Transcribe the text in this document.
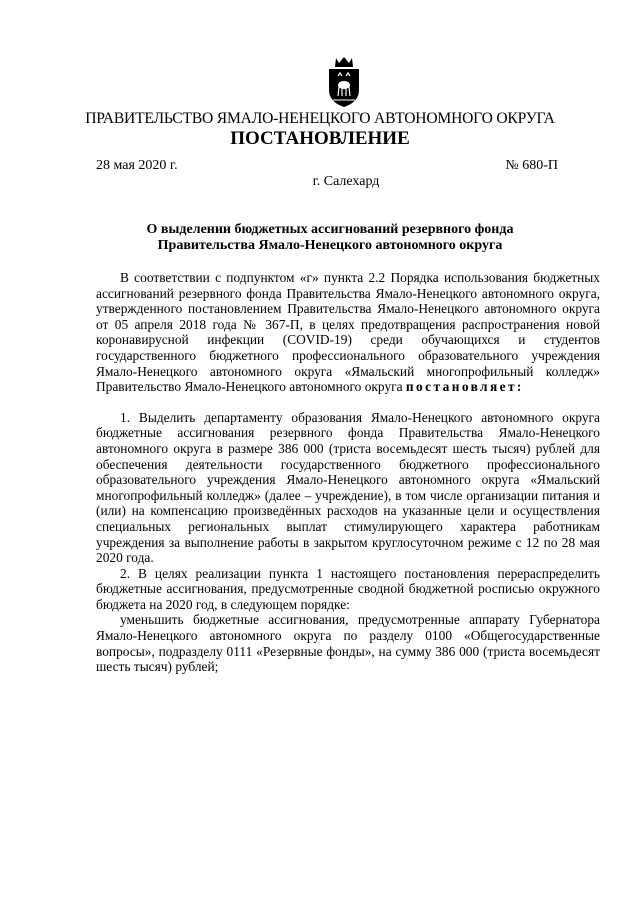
ПРАВИТЕЛЬСТВО ЯМАЛО-НЕНЕЦКОГО АВТОНОМНОГО ОКРУГА
ПОСТАНОВЛЕНИЕ
28 мая 2020 г.	№ 680-П
г. Салехард
О выделении бюджетных ассигнований резервного фонда
Правительства Ямало-Ненецкого автономного округа

В соответствии с подпунктом «г» пункта 2.2 Порядка использования бюджетных ассигнований резервного фонда Правительства Ямало-Ненецкого автономного округа, утвержденного постановлением Правительства Ямало-Ненецкого автономного округа от 05 апреля 2018 года № 367-П, в целях предотвращения распространения новой коронавирусной инфекции (COVID-19) среди обучающихся и студентов государственного бюджетного профессионального образовательного учреждения Ямало-Ненецкого автономного округа «Ямальский многопрофильный колледж» Правительство Ямало-Ненецкого автономного округа постановляет:

1. Выделить департаменту образования Ямало-Ненецкого автономного округа бюджетные ассигнования резервного фонда Правительства Ямало-Ненецкого автономного округа в размере 386 000 (триста восемьдесят шесть тысяч) рублей для обеспечения деятельности государственного бюджетного профессионального образовательного учреждения Ямало-Ненецкого автономного округа «Ямальский многопрофильный колледж» (далее – учреждение), в том числе организации питания и (или) на компенсацию произведённых расходов на указанные цели и осуществления специальных региональных выплат стимулирующего характера работникам учреждения за выполнение работы в закрытом круглосуточном режиме с 12 по 28 мая 2020 года.

2. В целях реализации пункта 1 настоящего постановления перераспределить бюджетные ассигнования, предусмотренные сводной бюджетной росписью окружного бюджета на 2020 год, в следующем порядке:

уменьшить бюджетные ассигнования, предусмотренные аппарату Губернатора Ямало-Ненецкого автономного округа по разделу 0100 «Общегосударственные вопросы», подразделу 0111 «Резервные фонды», на сумму 386 000 (триста восемьдесят шесть тысяч) рублей;
